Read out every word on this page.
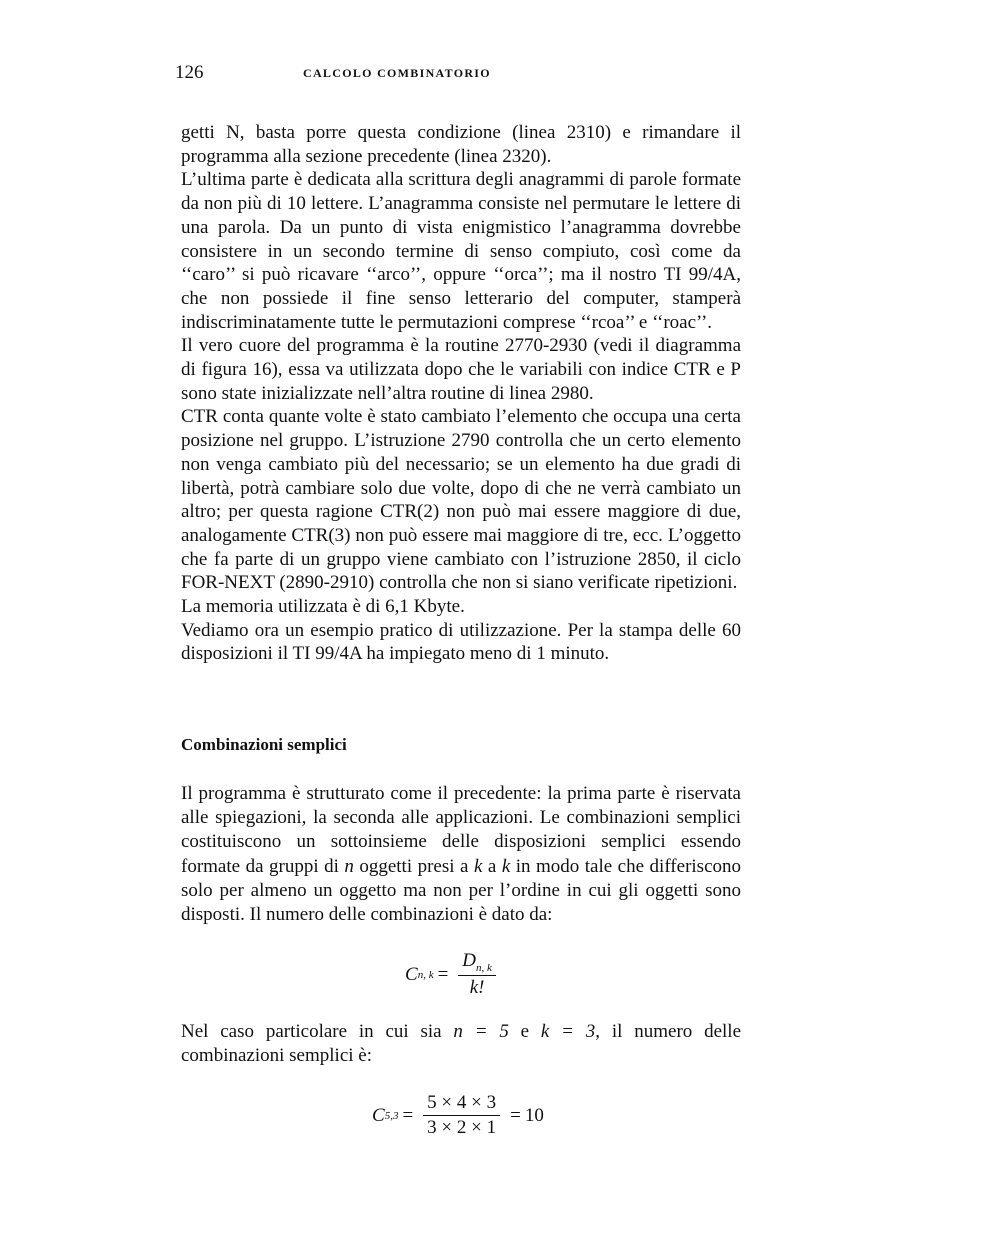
126	CALCOLO COMBINATORIO

getti N, basta porre questa condizione (linea 2310) e rimandare il programma alla sezione precedente (linea 2320).

L’ultima parte è dedicata alla scrittura degli anagrammi di parole formate da non più di 10 lettere. L’anagramma consiste nel permutare le lettere di una parola. Da un punto di vista enigmistico l’anagramma dovrebbe consistere in un secondo termine di senso compiuto, così come da ‘‘caro’’ si può ricavare ‘‘arco’’, oppure ‘‘orca’’; ma il nostro TI 99/4A, che non possiede il fine senso letterario del computer, stamperà indiscriminatamente tutte le permutazioni comprese ‘‘rcoa’’ e ‘‘roac’’.

Il vero cuore del programma è la routine 2770-2930 (vedi il diagramma di figura 16), essa va utilizzata dopo che le variabili con indice CTR e P sono state inizializzate nell’altra routine di linea 2980.

CTR conta quante volte è stato cambiato l’elemento che occupa una certa posizione nel gruppo. L’istruzione 2790 controlla che un certo elemento non venga cambiato più del necessario; se un elemento ha due gradi di libertà, potrà cambiare solo due volte, dopo di che ne verrà cambiato un altro; per questa ragione CTR(2) non può mai essere maggiore di due, analogamente CTR(3) non può essere mai maggiore di tre, ecc. L’oggetto che fa parte di un gruppo viene cambiato con l’istruzione 2850, il ciclo FOR-NEXT (2890-2910) controlla che non si siano verificate ripetizioni.

La memoria utilizzata è di 6,1 Kbyte.

Vediamo ora un esempio pratico di utilizzazione. Per la stampa delle 60 disposizioni il TI 99/4A ha impiegato meno di 1 minuto.

Combinazioni semplici

Il programma è strutturato come il precedente: la prima parte è riservata alle spiegazioni, la seconda alle applicazioni. Le combinazioni semplici costituiscono un sottoinsieme delle disposizioni semplici essendo formate da gruppi di n oggetti presi a k a k in modo tale che differiscono solo per almeno un oggetto ma non per l’ordine in cui gli oggetti sono disposti. Il numero delle combinazioni è dato da:

C n, $k = \frac{D_{n, k}}{k!}$

Nel caso particolare in cui sia n = 5 e k = 3, il numero delle combinazioni semplici è:

C $5,3 = \frac{5 \times 4 \times 3}{3 \times 2 \times 1} = 10$
